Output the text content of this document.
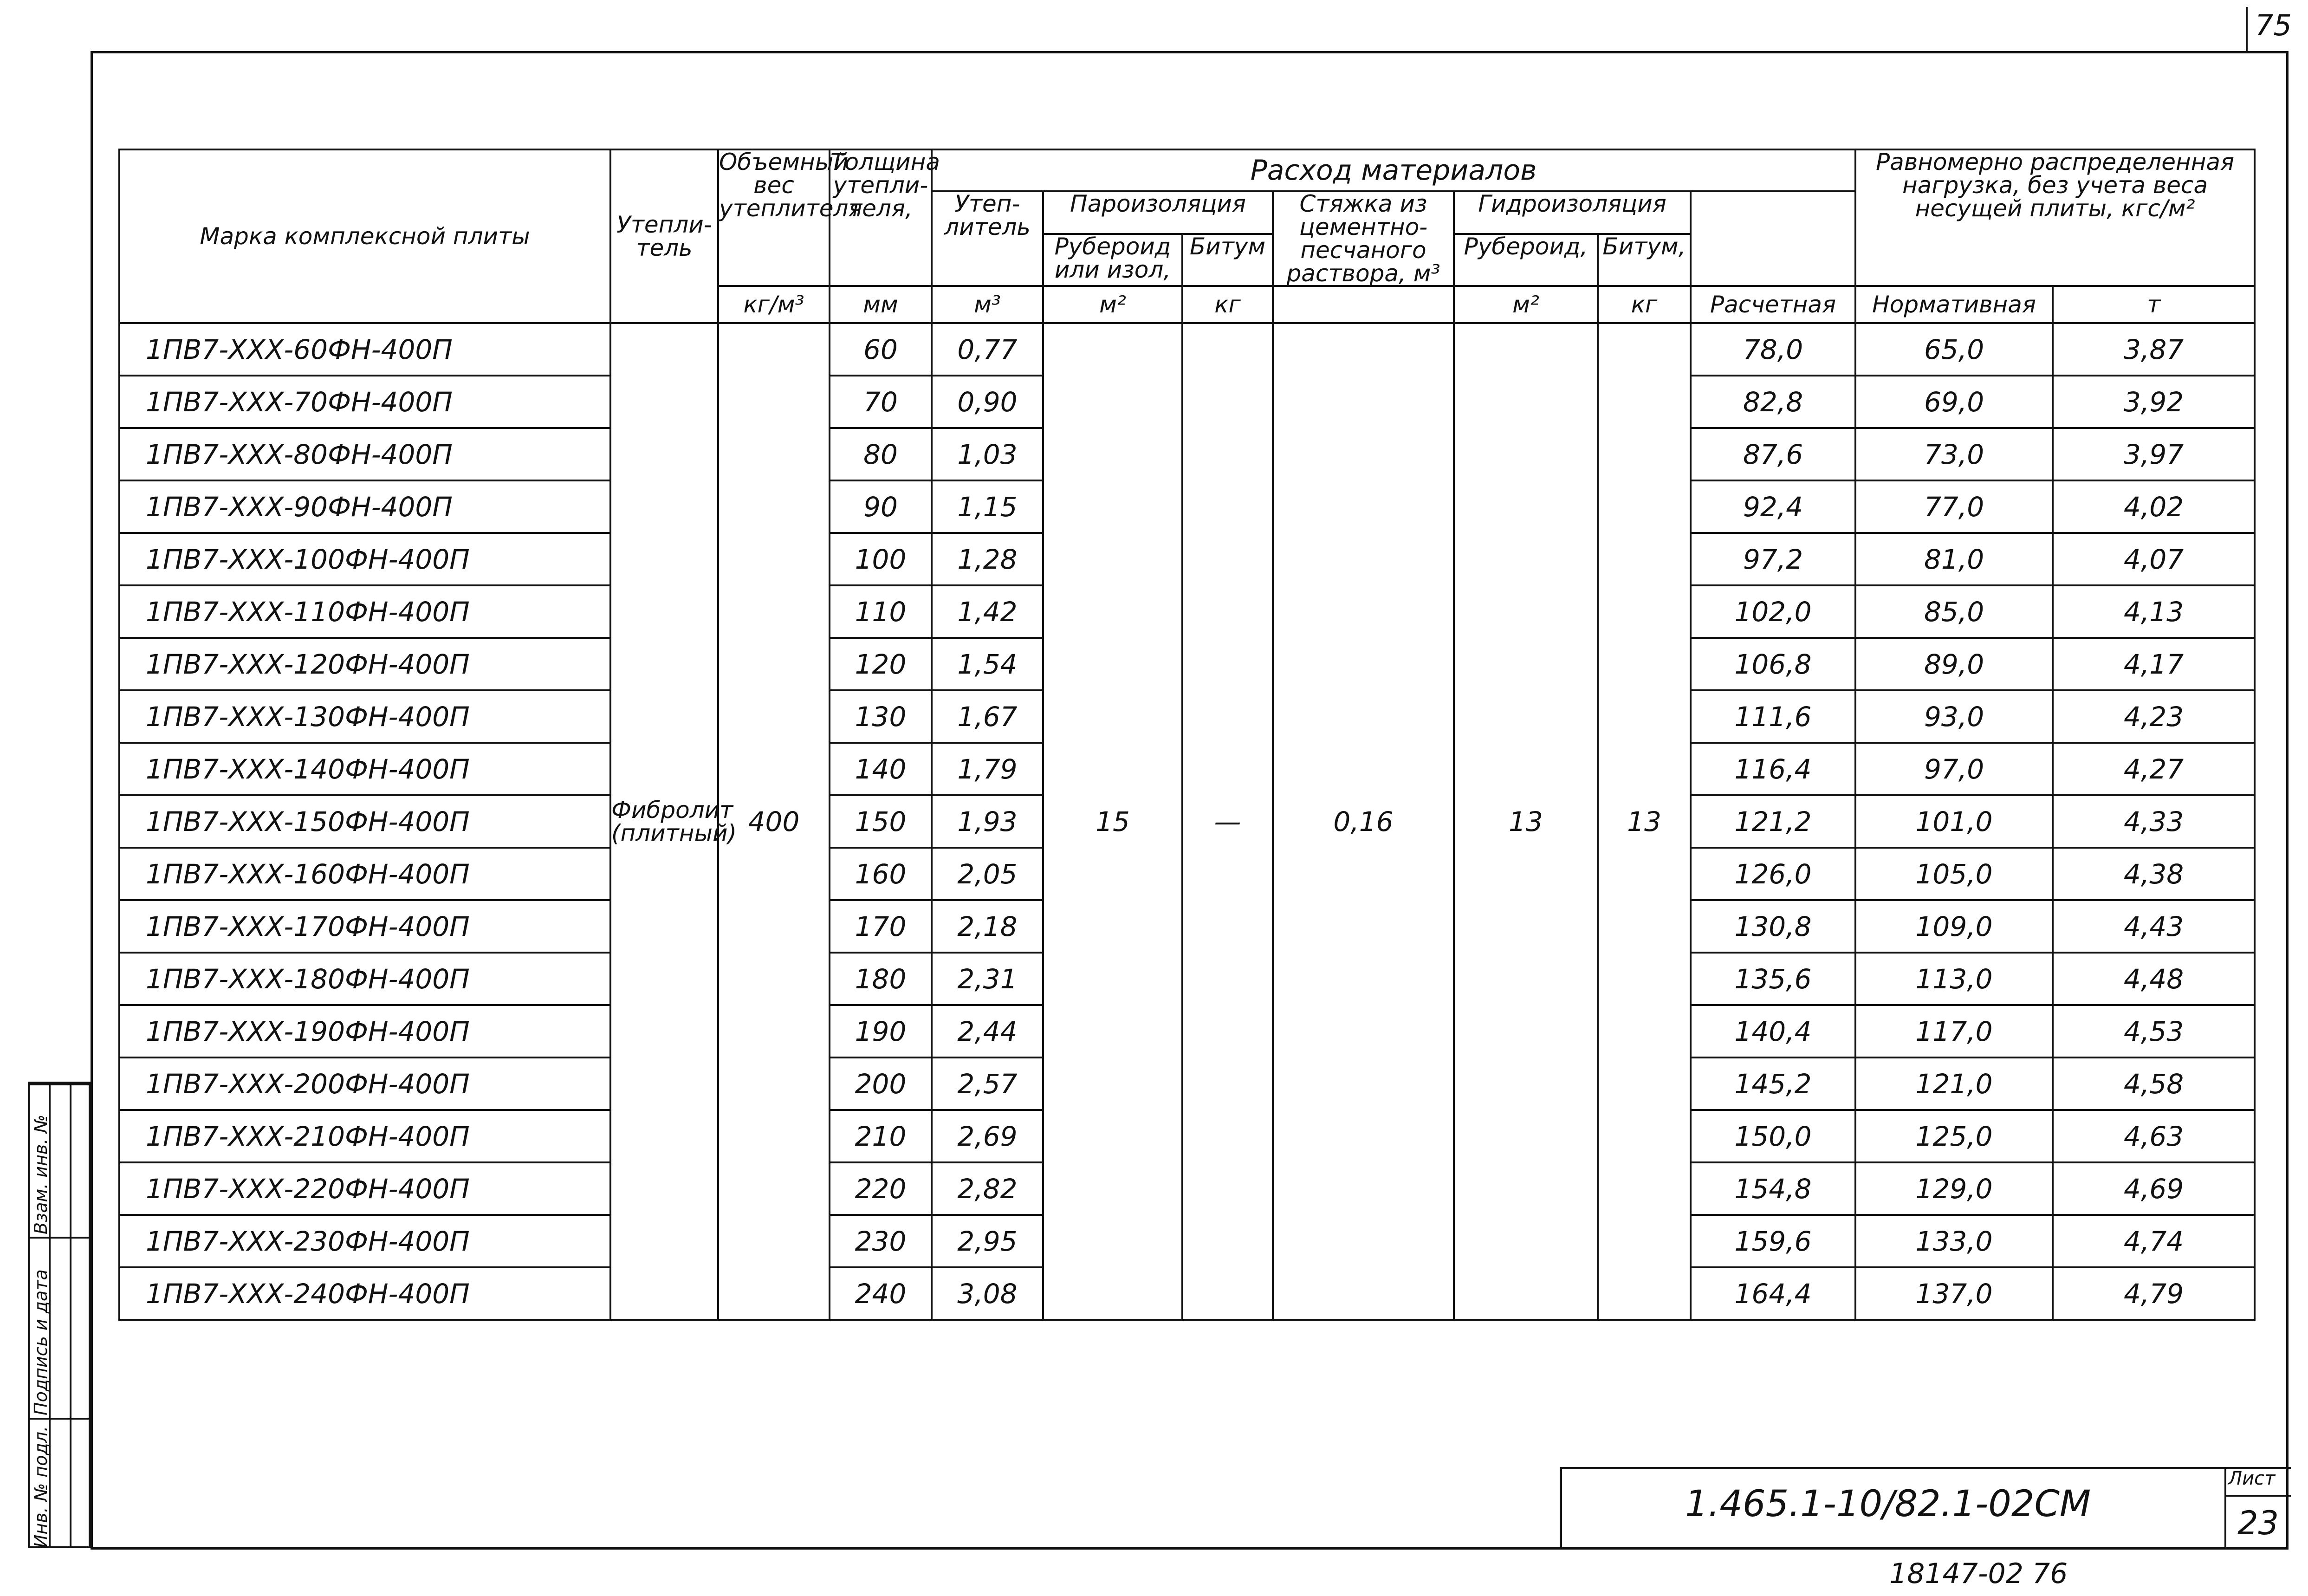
75
Инв. № подл.
Подпись и дата
Взам. инв. №
Марка комплексной плиты	Утепли-тель	Объемный вес утеплителя	Толщина утепли-теля,	Расход материалов							Равномерно распределенная нагрузка, без учета веса несущей плиты, кгс/м²	
				Утеп-литель	Пароизоляция		Стяжка из цементно-песчаного раствора, м³	Гидроизоляция					
					Рубероид или изол,	Битум		Рубероид,	Битум,				
		кг/м³	мм	м³	м²	кг		м²	кг	Расчетная	Нормативная	т	
1ПВ7-ХХХ-60ФН-400П	Фибролит (плитный)	400	60	0,77	15	—	0,16	13	13	78,0	65,0	3,87	
1ПВ7-ХХХ-70ФН-400П			70	0,90						82,8	69,0	3,92	
1ПВ7-ХХХ-80ФН-400П			80	1,03						87,6	73,0	3,97	
1ПВ7-ХХХ-90ФН-400П			90	1,15						92,4	77,0	4,02	
1ПВ7-ХХХ-100ФН-400П			100	1,28						97,2	81,0	4,07	
1ПВ7-ХХХ-110ФН-400П			110	1,42						102,0	85,0	4,13	
1ПВ7-ХХХ-120ФН-400П			120	1,54						106,8	89,0	4,17	
1ПВ7-ХХХ-130ФН-400П			130	1,67						111,6	93,0	4,23	
1ПВ7-ХХХ-140ФН-400П			140	1,79						116,4	97,0	4,27	
1ПВ7-ХХХ-150ФН-400П			150	1,93						121,2	101,0	4,33	
1ПВ7-ХХХ-160ФН-400П			160	2,05						126,0	105,0	4,38	
1ПВ7-ХХХ-170ФН-400П			170	2,18						130,8	109,0	4,43	
1ПВ7-ХХХ-180ФН-400П			180	2,31						135,6	113,0	4,48	
1ПВ7-ХХХ-190ФН-400П			190	2,44						140,4	117,0	4,53	
1ПВ7-ХХХ-200ФН-400П			200	2,57						145,2	121,0	4,58	
1ПВ7-ХХХ-210ФН-400П			210	2,69						150,0	125,0	4,63	
1ПВ7-ХХХ-220ФН-400П			220	2,82						154,8	129,0	4,69	
1ПВ7-ХХХ-230ФН-400П			230	2,95						159,6	133,0	4,74	
1ПВ7-ХХХ-240ФН-400П			240	3,08						164,4	137,0	4,79	
1.465.1-10/82.1-02CM
Лист
23
18147-02 76
